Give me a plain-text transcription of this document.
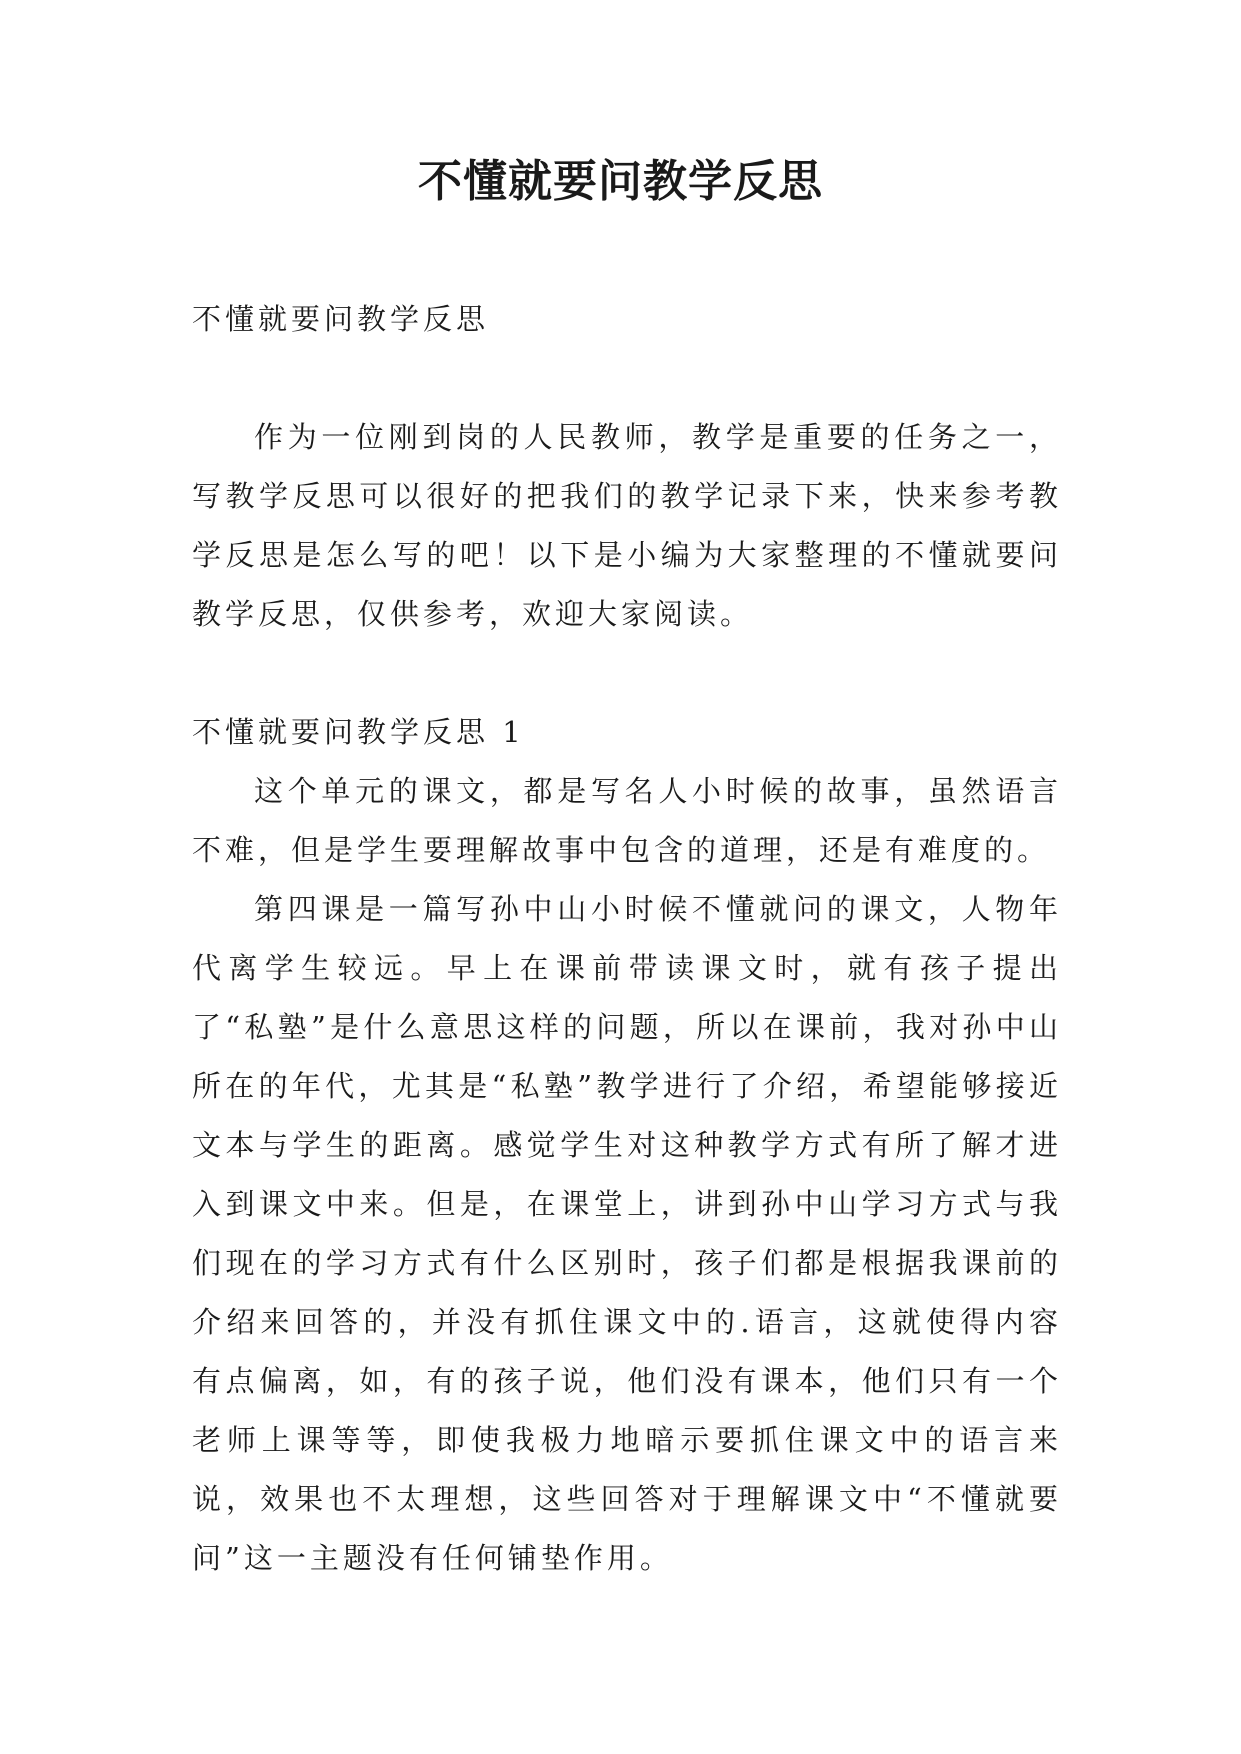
不懂就要问教学反思

不懂就要问教学反思

作为一位刚到岗的人民教师，教学是重要的任务之一，写教学反思可以很好的把我们的教学记录下来，快来参考教学反思是怎么写的吧！以下是小编为大家整理的不懂就要问教学反思，仅供参考，欢迎大家阅读。

不懂就要问教学反思 1

这个单元的课文，都是写名人小时候的故事，虽然语言不难，但是学生要理解故事中包含的道理，还是有难度的。

第四课是一篇写孙中山小时候不懂就问的课文，人物年代离学生较远。早上在课前带读课文时，就有孩子提出了“私塾”是什么意思这样的问题，所以在课前，我对孙中山所在的年代，尤其是“私塾”教学进行了介绍，希望能够接近文本与学生的距离。感觉学生对这种教学方式有所了解才进入到课文中来。但是，在课堂上，讲到孙中山学习方式与我们现在的学习方式有什么区别时，孩子们都是根据我课前的介绍来回答的，并没有抓住课文中的.语言，这就使得内容有点偏离，如，有的孩子说，他们没有课本，他们只有一个老师上课等等，即使我极力地暗示要抓住课文中的语言来说，效果也不太理想，这些回答对于理解课文中“不懂就要问”这一主题没有任何铺垫作用。
